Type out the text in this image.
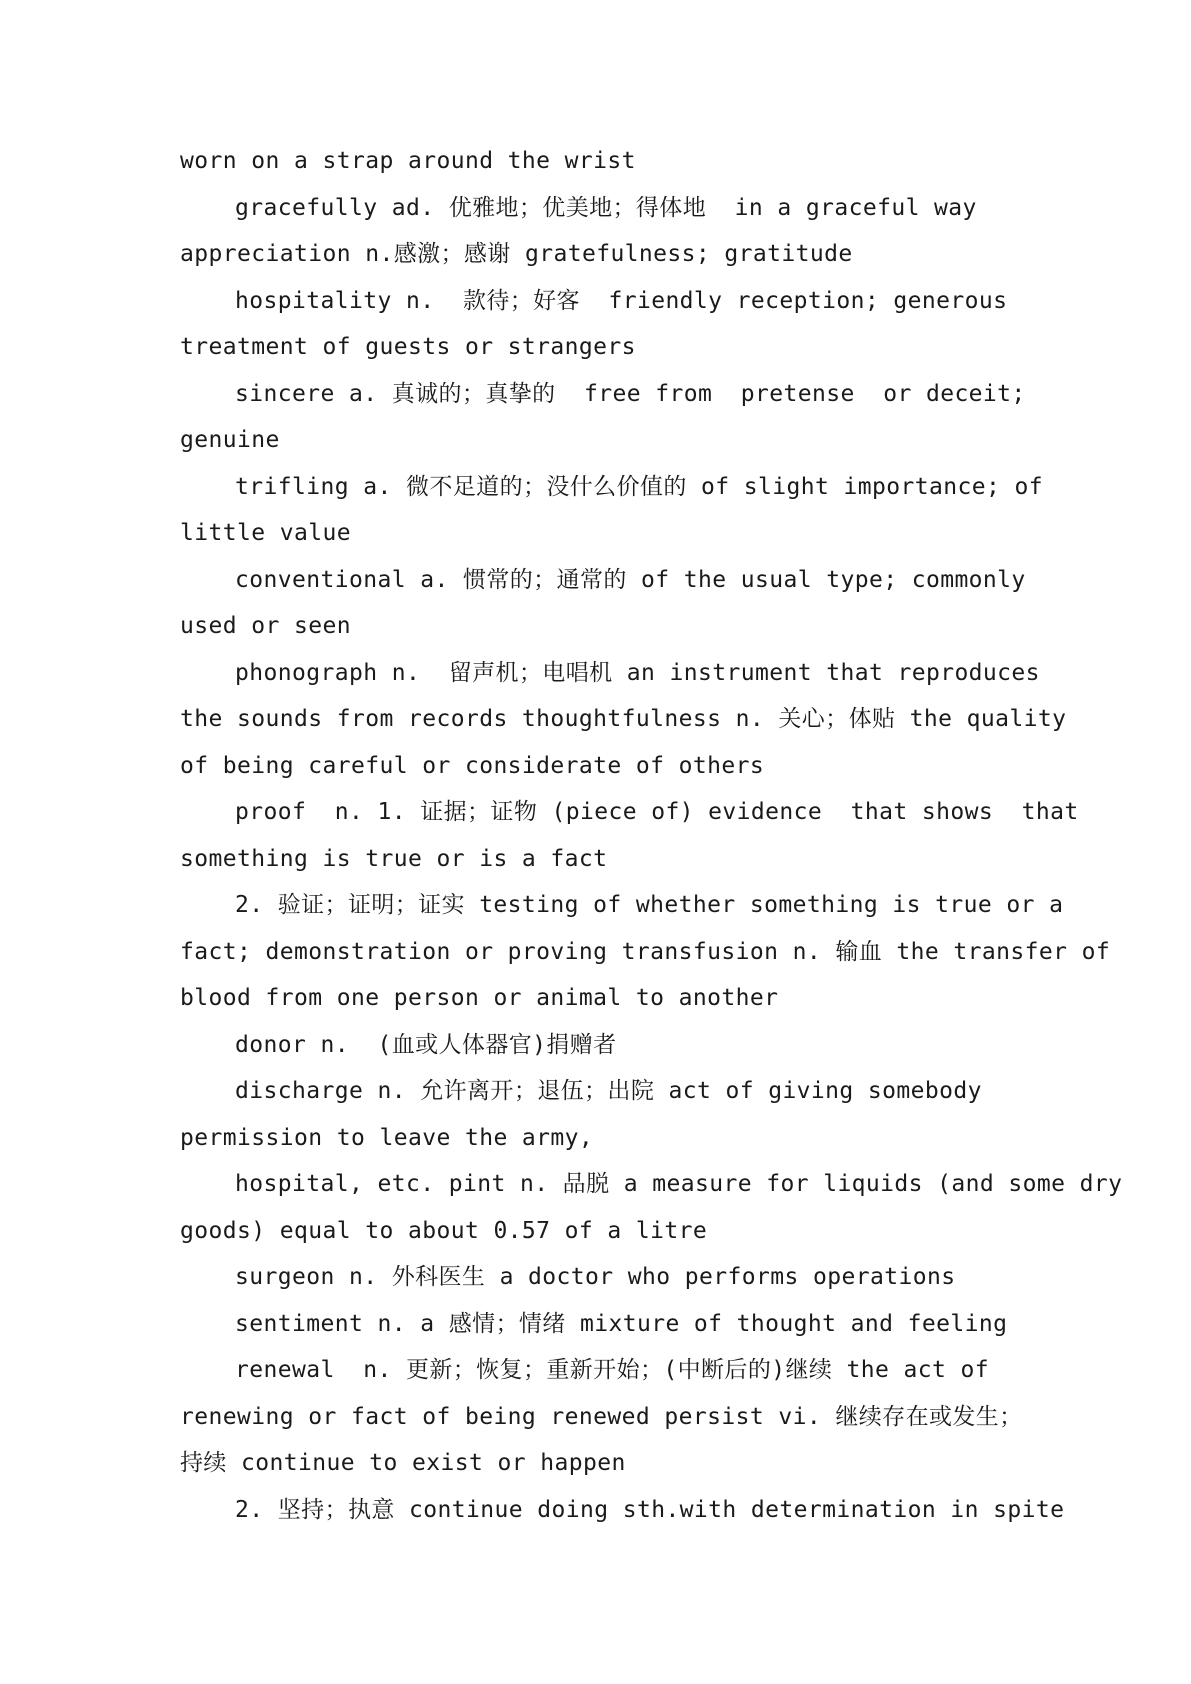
worn on a strap around the wrist
gracefully ad. 优雅地；优美地；得体地  in a graceful way
appreciation n.感激；感谢 gratefulness; gratitude
hospitality n.  款待；好客  friendly reception; generous
treatment of guests or strangers
sincere a. 真诚的；真挚的  free from  pretense  or deceit;
genuine
trifling a. 微不足道的；没什么价值的 of slight importance; of
little value
conventional a. 惯常的；通常的 of the usual type; commonly
used or seen
phonograph n.  留声机；电唱机 an instrument that reproduces
the sounds from records thoughtfulness n. 关心；体贴 the quality
of being careful or considerate of others
proof  n. 1. 证据；证物 (piece of) evidence  that shows  that
something is true or is a fact
2. 验证；证明；证实 testing of whether something is true or a
fact; demonstration or proving transfusion n. 输血 the transfer of
blood from one person or animal to another
donor n.  (血或人体器官)捐赠者
discharge n. 允许离开；退伍；出院 act of giving somebody
permission to leave the army,
hospital, etc. pint n. 品脱 a measure for liquids (and some dry
goods) equal to about 0.57 of a litre
surgeon n. 外科医生 a doctor who performs operations
sentiment n. a 感情；情绪 mixture of thought and feeling
renewal  n. 更新；恢复；重新开始；(中断后的)继续 the act of
renewing or fact of being renewed persist vi. 继续存在或发生；
持续 continue to exist or happen
2. 坚持；执意 continue doing sth.with determination in spite
